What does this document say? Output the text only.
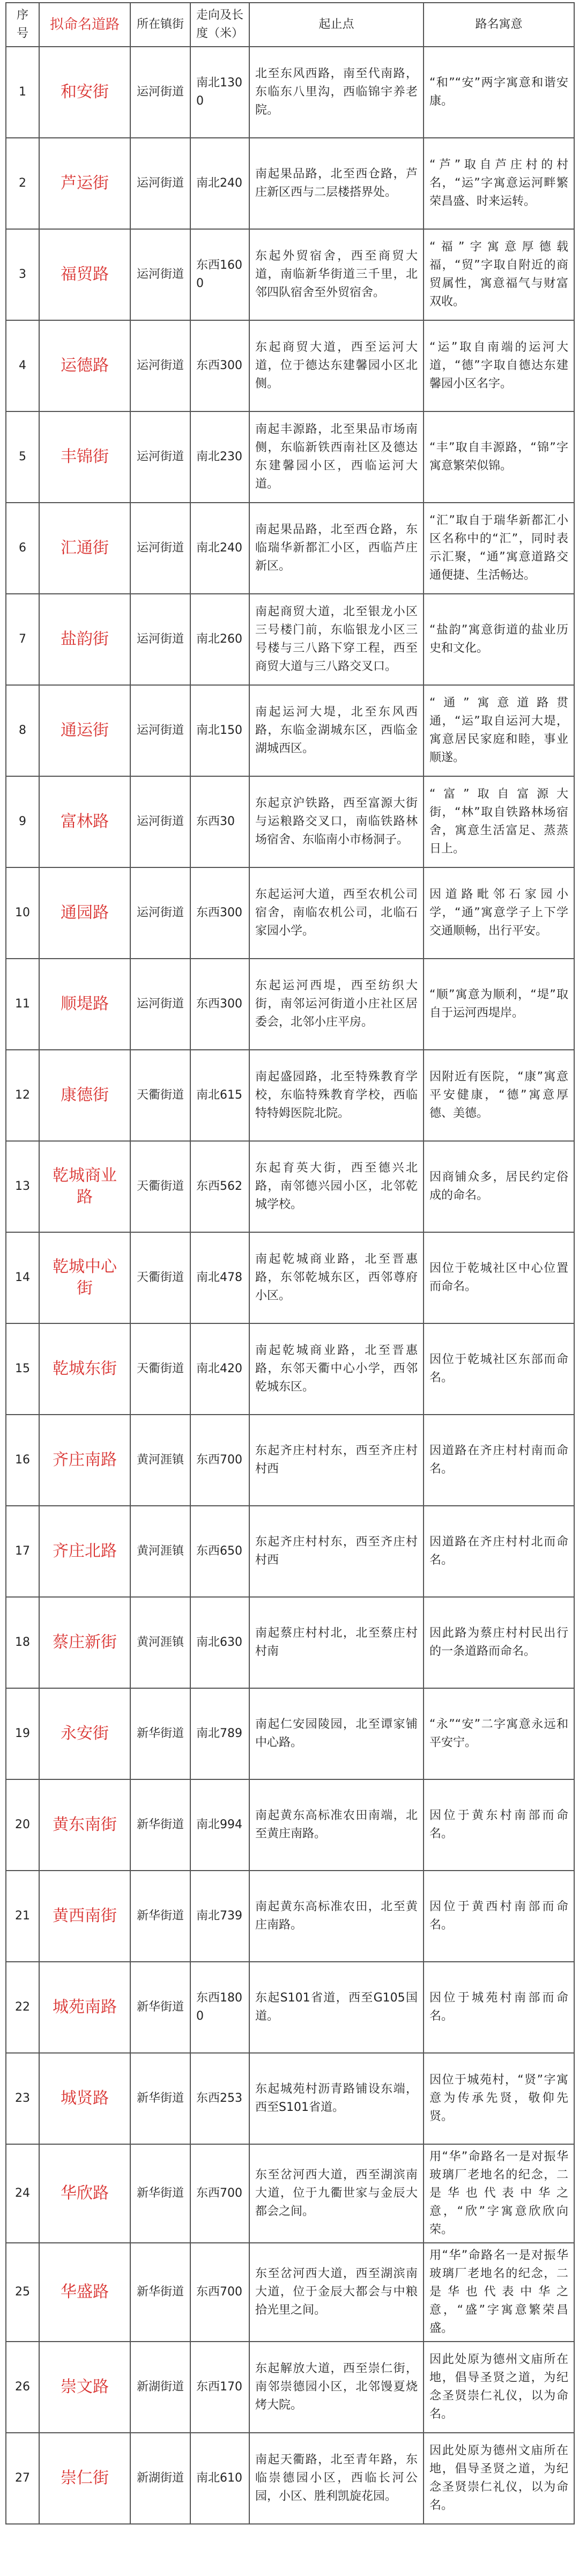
序号	拟命名道路	所在镇街	走向及长度（米）	起止点	路名寓意
1	和安街	运河街道	南北1300	北至东风西路，南至代南路，东临东八里沟，西临锦宇养老院。	“和”“安”两字寓意和谐安康。
2	芦运街	运河街道	南北240	南起果品路，北至西仓路，芦庄新区西与二层楼搭界处。	“芦”取自芦庄村的村名，“运”字寓意运河畔繁荣昌盛、时来运转。
3	福贸路	运河街道	东西1600	东起外贸宿舍，西至商贸大道，南临新华街道三千里，北邻四队宿舍至外贸宿舍。	“福”字寓意厚德载福，“贸”字取自附近的商贸属性，寓意福气与财富双收。
4	运德路	运河街道	东西300	东起商贸大道，西至运河大道，位于德达东建馨园小区北侧。	“运”取自南端的运河大道，“德”字取自德达东建馨园小区名字。
5	丰锦街	运河街道	南北230	南起丰源路，北至果品市场南侧，东临新铁西南社区及德达东建馨园小区，西临运河大道。	“丰”取自丰源路，“锦”字寓意繁荣似锦。
6	汇通街	运河街道	南北240	南起果品路，北至西仓路，东临瑞华新都汇小区，西临芦庄新区。	“汇”取自于瑞华新都汇小区名称中的“汇”，同时表示汇聚，“通”寓意道路交通便捷、生活畅达。
7	盐韵街	运河街道	南北260	南起商贸大道，北至银龙小区三号楼门前，东临银龙小区三号楼与三八路下穿工程，西至商贸大道与三八路交叉口。	“盐韵”寓意街道的盐业历史和文化。
8	通运街	运河街道	南北150	南起运河大堤，北至东风西路，东临金湖城东区，西临金湖城西区。	“通”寓意道路贯通，“运”取自运河大堤，寓意居民家庭和睦，事业顺遂。
9	富林路	运河街道	东西30	东起京沪铁路，西至富源大街与运粮路交叉口，南临铁路林场宿舍、东临南小市杨洞子。	“富”取自富源大街，“林”取自铁路林场宿舍，寓意生活富足、蒸蒸日上。
10	通园路	运河街道	东西300	东起运河大道，西至农机公司宿舍，南临农机公司，北临石家园小学。	因道路毗邻石家园小学，“通”寓意学子上下学交通顺畅，出行平安。
11	顺堤路	运河街道	东西300	东起运河西堤，西至纺织大街，南邻运河街道小庄社区居委会，北邻小庄平房。	“顺”寓意为顺利，“堤”取自于运河西堤岸。
12	康德街	天衢街道	南北615	南起盛园路，北至特殊教育学校，东临特殊教育学校，西临特特姆医院北院。	因附近有医院，“康”寓意平安健康，“德”寓意厚德、美德。
13	乾城商业路	天衢街道	东西562	东起育英大街，西至德兴北路，南邻德兴园小区，北邻乾城学校。	因商铺众多，居民约定俗成的命名。
14	乾城中心街	天衢街道	南北478	南起乾城商业路，北至晋惠路，东邻乾城东区，西邻尊府小区。	因位于乾城社区中心位置而命名。
15	乾城东街	天衢街道	南北420	南起乾城商业路，北至晋惠路，东邻天衢中心小学，西邻乾城东区。	因位于乾城社区东部而命名。
16	齐庄南路	黄河涯镇	东西700	东起齐庄村村东，西至齐庄村村西	因道路在齐庄村村南而命名。
17	齐庄北路	黄河涯镇	东西650	东起齐庄村村东，西至齐庄村村西	因道路在齐庄村村北而命名。
18	蔡庄新街	黄河涯镇	南北630	南起蔡庄村村北，北至蔡庄村村南	因此路为蔡庄村村民出行的一条道路而命名。
19	永安街	新华街道	南北789	南起仁安园陵园，北至谭家铺中心路。	“永”“安”二字寓意永远和平安宁。
20	黄东南街	新华街道	南北994	南起黄东高标准农田南端，北至黄庄南路。	因位于黄东村南部而命名。
21	黄西南街	新华街道	南北739	南起黄东高标准农田，北至黄庄南路。	因位于黄西村南部而命名。
22	城苑南路	新华街道	东西1800	东起S101省道，西至G105国道。	因位于城苑村南部而命名。
23	城贤路	新华街道	东西253	东起城苑村沥青路铺设东端，西至S101省道。	因位于城苑村，“贤”字寓意为传承先贤，敬仰先贤。
24	华欣路	新华街道	东西700	东至岔河西大道，西至湖滨南大道，位于九衢世家与金辰大都会之间。	用“华”命路名一是对振华玻璃厂老地名的纪念，二是华也代表中华之意，“欣”字寓意欣欣向荣。
25	华盛路	新华街道	东西700	东至岔河西大道，西至湖滨南大道，位于金辰大都会与中粮拾光里之间。	用“华”命路名一是对振华玻璃厂老地名的纪念，二是华也代表中华之意，“盛”字寓意繁荣昌盛。
26	崇文路	新湖街道	东西170	东起解放大道，西至崇仁街，南邻崇德园小区，北邻馒夏烧烤大院。	因此处原为德州文庙所在地，倡导圣贤之道，为纪念圣贤崇仁礼仪，以为命名。
27	崇仁街	新湖街道	南北610	南起天衢路，北至青年路，东临崇德园小区，西临长河公园，小区、胜利凯旋花园。	因此处原为德州文庙所在地，倡导圣贤之道，为纪念圣贤崇仁礼仪，以为命名。
